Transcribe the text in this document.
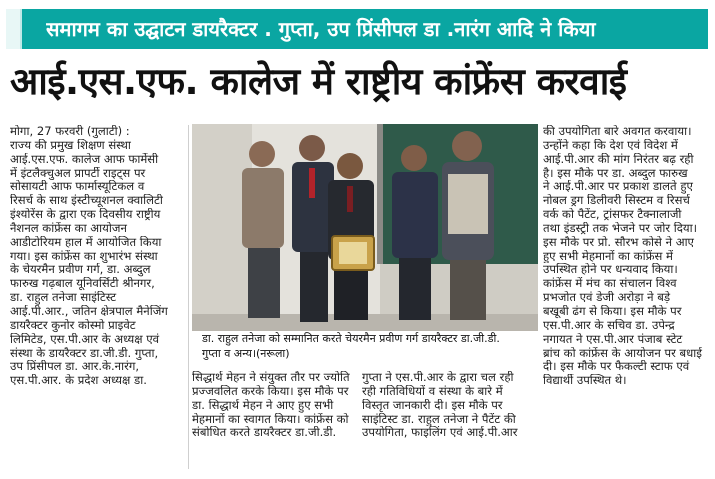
समागम का उद्घाटन डायरैक्टर . गुप्ता, उप प्रिंसीपल डा .नारंग आदि ने किया
आई.एस.एफ. कालेज में राष्ट्रीय कांफ्रेंस करवाई
मोगा, 27 फरवरी (गुलाटी) :
राज्य की प्रमुख शिक्षण संस्था
आई.एस.एफ. कालेज आफ फार्मेसी
में इंटलैक्चुअल प्रापर्टी राइट्स पर
सोसायटी आफ फार्मास्यूटिकल व
रिसर्च के साथ इंस्टीच्यूशनल क्वालिटी
इंश्योरेंस के द्वारा एक दिवसीय राष्ट्रीय
नैशनल कांफ्रेंस का आयोजन
आडीटोरियम हाल में आयोजित किया
गया। इस कांफ्रेंस का शुभारंभ संस्था
के चेयरमैन प्रवीण गर्ग, डा. अब्दुल
फारुख गढ़बाल यूनिवर्सिटी श्रीनगर,
डा. राहुल तनेजा साइंटिस्ट
आई.पी.आर., जतिन क्षेत्रपाल मैनेजिंग
डायरैक्टर कुनोर कोस्मो प्राइवेट
लिमिटेड, एस.पी.आर के अध्यक्ष एवं
संस्था के डायरैक्टर डा.जी.डी. गुप्ता,
उप प्रिंसीपल डा. आर.के.नारंग,
एस.पी.आर. के प्रदेश अध्यक्ष डा.
डा. राहुल तनेजा को सम्मानित करते चेयरमैन प्रवीण गर्ग डायरैक्टर डा.जी.डी.
गुप्ता व अन्य।(नरूला)
सिद्धार्थ मेहन ने संयुक्त तौर पर ज्योति
प्रज्जवलित करके किया। इस मौके पर
डा. सिद्धार्थ मेहन ने आए हुए सभी
मेहमानों का स्वागत किया। कांफ्रेंस को
संबोधित करते डायरैक्टर डा.जी.डी.
गुप्ता ने एस.पी.आर के द्वारा चल रही
रही गतिविधियों व संस्था के बारे में
विस्तृत जानकारी दी। इस मौके पर
साइंटिस्ट डा. राहुल तनेजा ने पैटेंट की
उपयोगिता, फाइलिंग एवं आई.पी.आर
की उपयोगिता बारे अवगत करवाया।
उन्होंने कहा कि देश एवं विदेश में
आई.पी.आर की मांग निरंतर बढ़ रही
है। इस मौके पर डा. अब्दुल फारुख
ने आई.पी.आर पर प्रकाश डालते हुए
नोबल ड्रग डिलीवरी सिस्टम व रिसर्च
वर्क को पैटेंट, ट्रांसफर टैक्नालाजी
तथा इंडस्ट्री तक भेजने पर जोर दिया।
इस मौके पर प्रो. सौरभ कोसे ने आए
हुए सभी मेहमानों का कांफ्रेंस में
उपस्थित होने पर धन्यवाद किया।
कांफ्रेंस में मंच का संचालन विश्व
प्रभजोत एवं डेजी अरोड़ा ने बड़े
बखूबी ढंग से किया। इस मौके पर
एस.पी.आर के सचिव डा. उपेन्द्र
नगायत ने एस.पी.आर पंजाब स्टेट
ब्रांच को कांफ्रेंस के आयोजन पर बधाई
दी। इस मौके पर फैकल्टी स्टाफ एवं
विद्यार्थी उपस्थित थे।
